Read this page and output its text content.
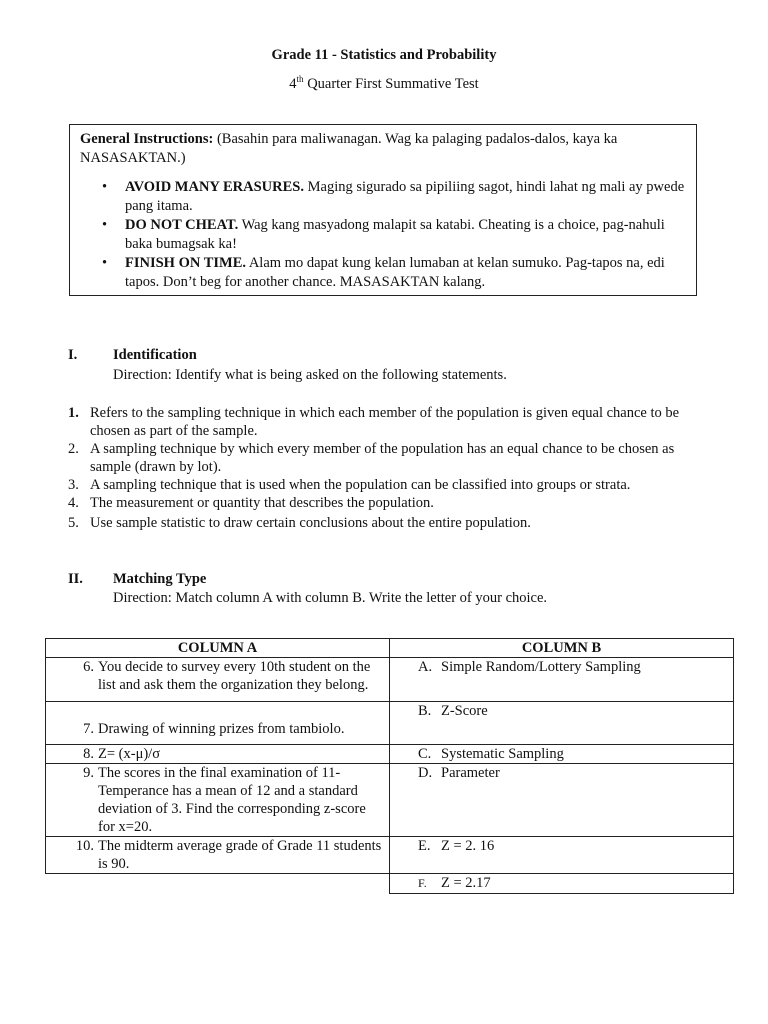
Grade 11 - Statistics and Probability
4th Quarter First Summative Test

General Instructions: (Basahin para maliwanagan. Wag ka palaging padalos-dalos, kaya ka NASASAKTAN.)

• AVOID MANY ERASURES. Maging sigurado sa pipiliing sagot, hindi lahat ng mali ay pwede pang itama.
• DO NOT CHEAT. Wag kang masyadong malapit sa katabi. Cheating is a choice, pag-nahuli baka bumagsak ka!
• FINISH ON TIME. Alam mo dapat kung kelan lumaban at kelan sumuko. Pag-tapos na, edi tapos. Don’t beg for another chance. MASASAKTAN kalang.
I. Identification
Direction: Identify what is being asked on the following statements.
1. Refers to the sampling technique in which each member of the population is given equal chance to be chosen as part of the sample.
2. A sampling technique by which every member of the population has an equal chance to be chosen as sample (drawn by lot).
3. A sampling technique that is used when the population can be classified into groups or strata.
4. The measurement or quantity that describes the population.
5. Use sample statistic to draw certain conclusions about the entire population.
II. Matching Type
Direction: Match column A with column B. Write the letter of your choice.
COLUMN A	COLUMN B

6. You decide to survey every 10th student on the list and ask them the organization they belong.	A. Simple Random/Lottery Sampling

7. Drawing of winning prizes from tambiolo.	B. Z-Score

8. Z= (x-μ)/σ	C. Systematic Sampling

9. The scores in the final examination of 11-Temperance has a mean of 12 and a standard deviation of 3. Find the corresponding z-score for x=20.	D. Parameter

10. The midterm average grade of Grade 11 students is 90.	E. Z = 2. 16

	F. Z = 2.17
